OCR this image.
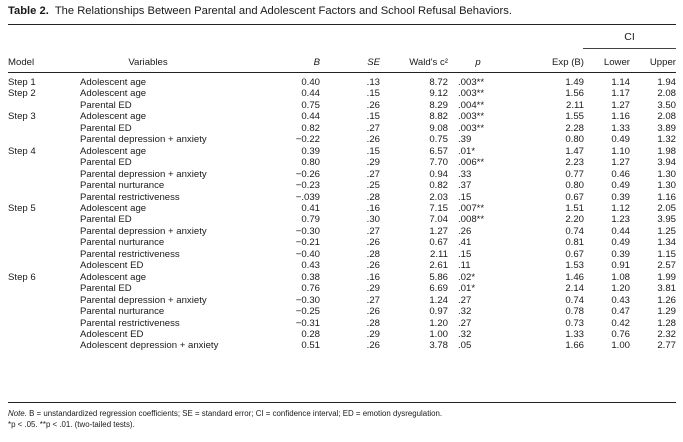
Table 2. The Relationships Between Parental and Adolescent Factors and School Refusal Behaviors.
CI
Model	Variables	B	SE	Wald's c²	p	Exp (B)	Lower	Upper

Step 1	Adolescent age	0.40	.13	8.72	.003**	1.49	1.14	1.94
Step 2	Adolescent age	0.44	.15	9.12	.003**	1.56	1.17	2.08
	Parental ED	0.75	.26	8.29	.004**	2.11	1.27	3.50
Step 3	Adolescent age	0.44	.15	8.82	.003**	1.55	1.16	2.08
	Parental ED	0.82	.27	9.08	.003**	2.28	1.33	3.89
	Parental depression + anxiety	−0.22	.26	0.75	.39	0.80	0.49	1.32
Step 4	Adolescent age	0.39	.15	6.57	.01*	1.47	1.10	1.98
	Parental ED	0.80	.29	7.70	.006**	2.23	1.27	3.94
	Parental depression + anxiety	−0.26	.27	0.94	.33	0.77	0.46	1.30
	Parental nurturance	−0.23	.25	0.82	.37	0.80	0.49	1.30
	Parental restrictiveness	−.039	.28	2.03	.15	0.67	0.39	1.16
Step 5	Adolescent age	0.41	.16	7.15	.007**	1.51	1.12	2.05
	Parental ED	0.79	.30	7.04	.008**	2.20	1.23	3.95
	Parental depression + anxiety	−0.30	.27	1.27	.26	0.74	0.44	1.25
	Parental nurturance	−0.21	.26	0.67	.41	0.81	0.49	1.34
	Parental restrictiveness	−0.40	.28	2.11	.15	0.67	0.39	1.15
	Adolescent ED	0.43	.26	2.61	.11	1.53	0.91	2.57
Step 6	Adolescent age	0.38	.16	5.86	.02*	1.46	1.08	1.99
	Parental ED	0.76	.29	6.69	.01*	2.14	1.20	3.81
	Parental depression + anxiety	−0.30	.27	1.24	.27	0.74	0.43	1.26
	Parental nurturance	−0.25	.26	0.97	.32	0.78	0.47	1.29
	Parental restrictiveness	−0.31	.28	1.20	.27	0.73	0.42	1.28
	Adolescent ED	0.28	.29	1.00	.32	1.33	0.76	2.32
	Adolescent depression + anxiety	0.51	.26	3.78	.05	1.66	1.00	2.77
Note. B = unstandardized regression coefficients; SE = standard error; CI = confidence interval; ED = emotion dysregulation.
*p < .05. **p < .01. (two-tailed tests).
